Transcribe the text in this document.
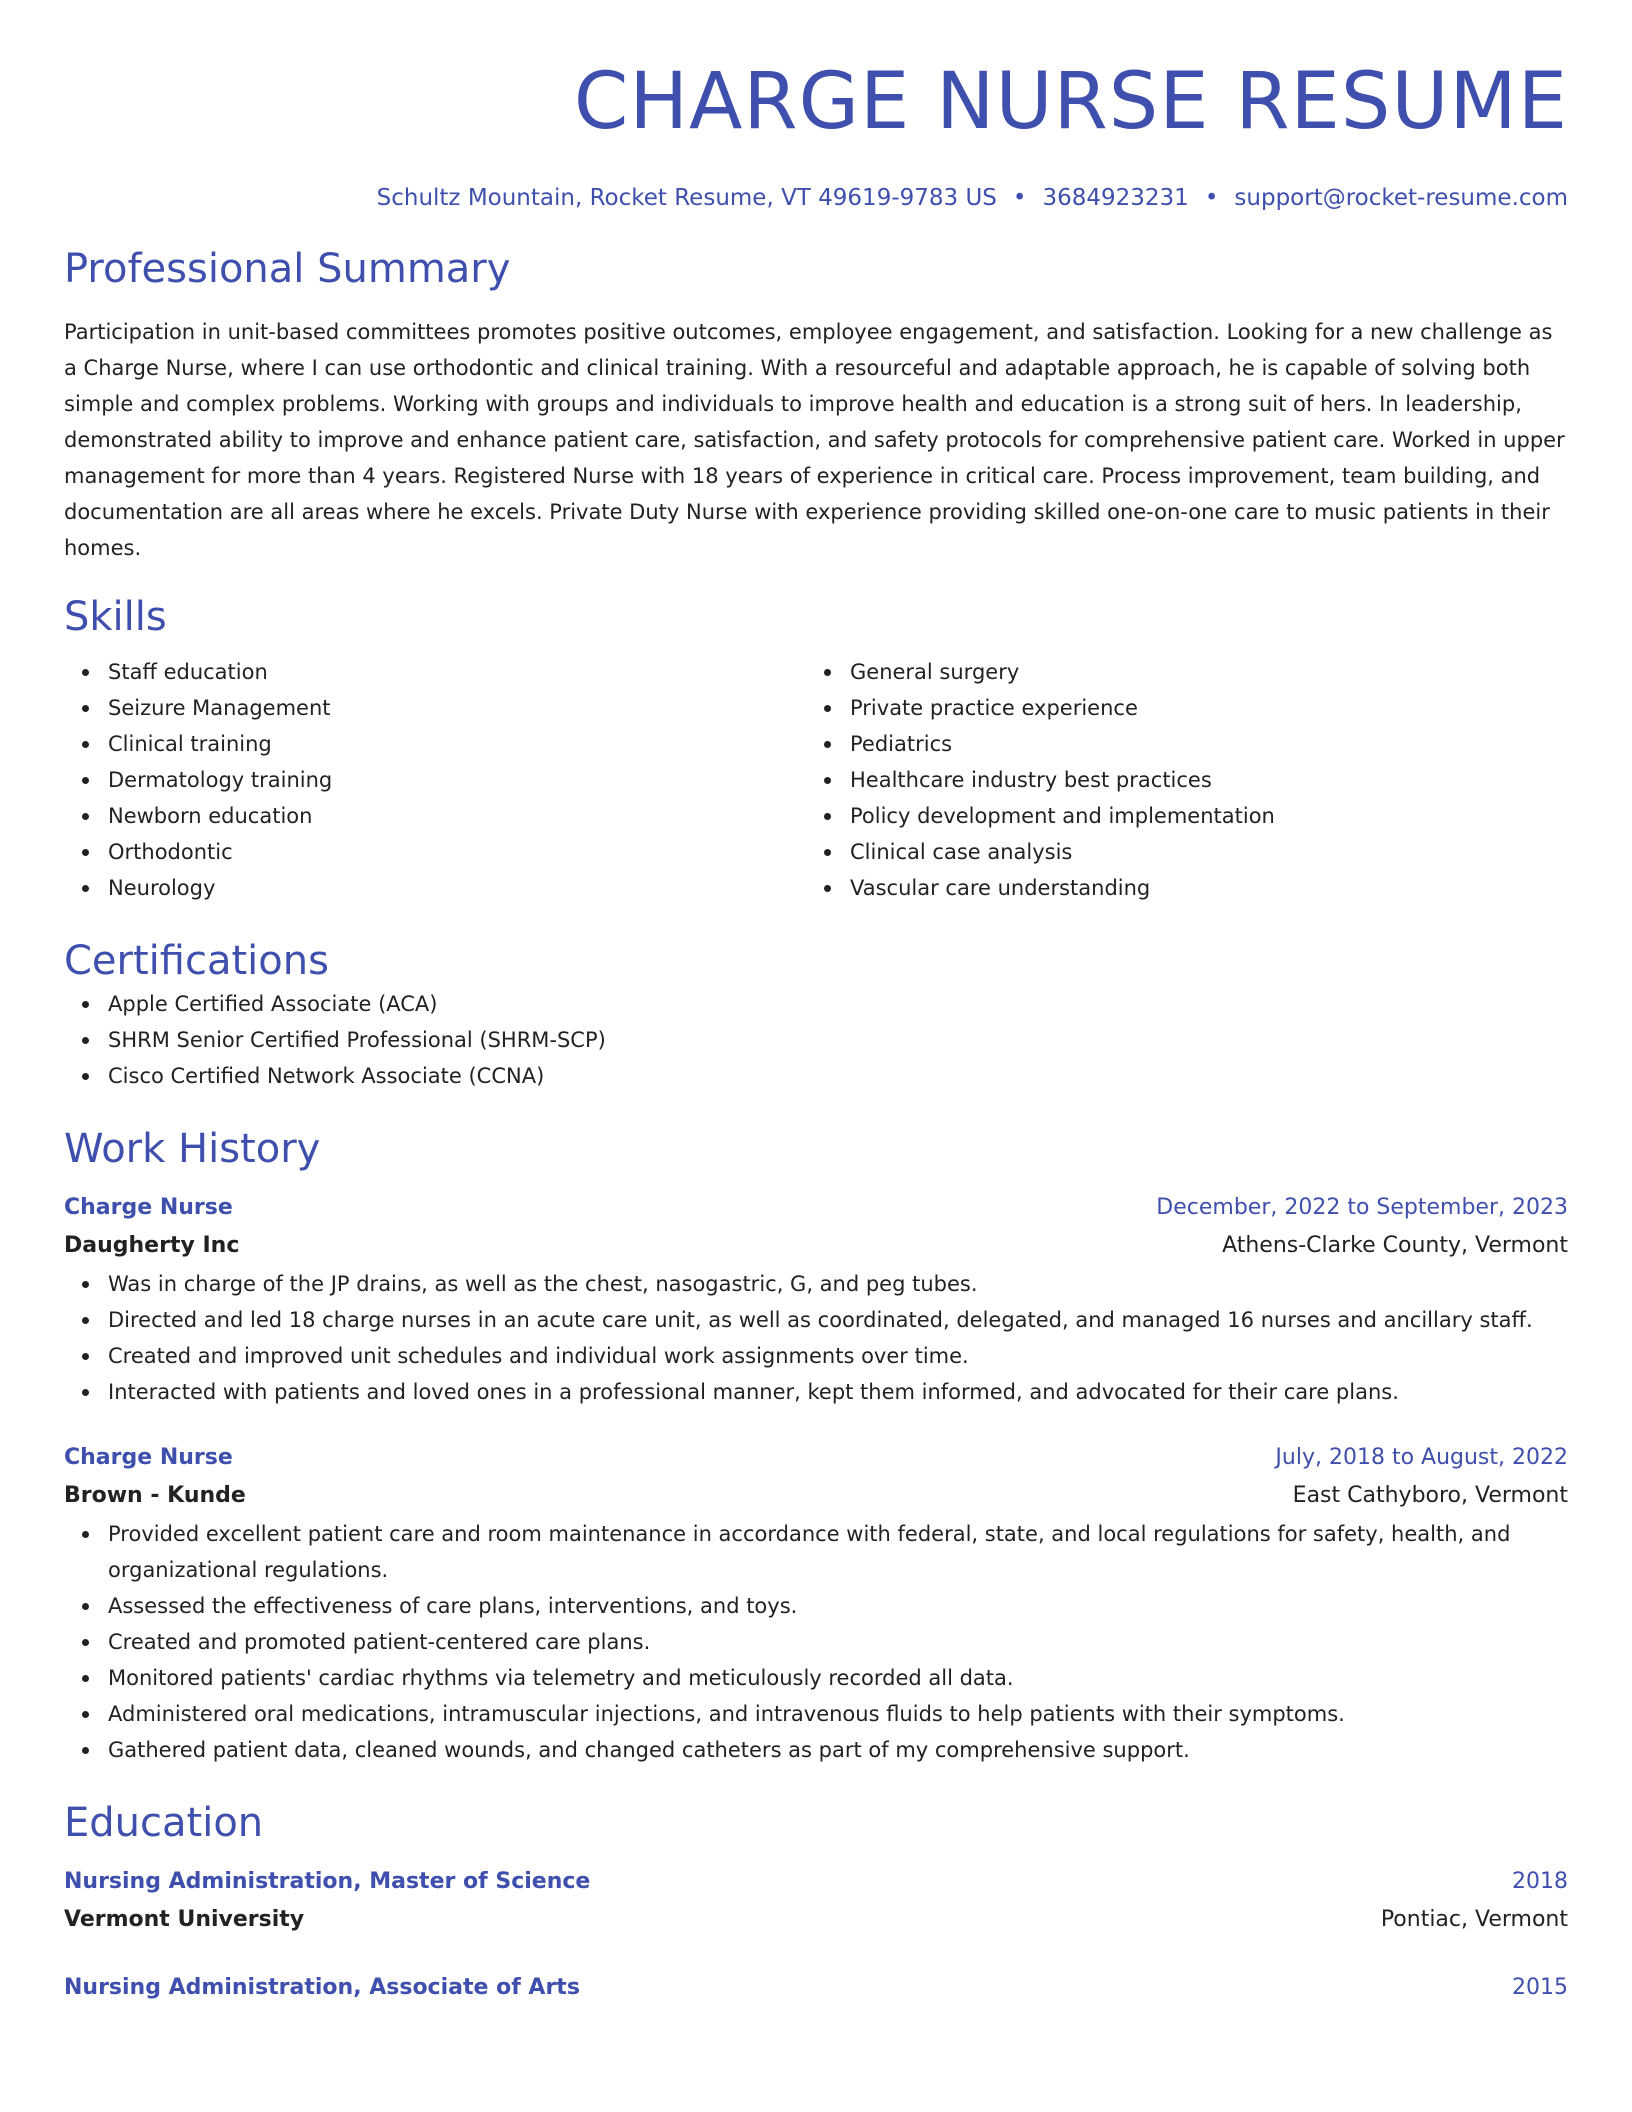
CHARGE NURSE RESUME
Schultz Mountain, Rocket Resume, VT 49619-9783 US • 3684923231 • support@rocket-resume.com
Professional Summary
Participation in unit-based committees promotes positive outcomes, employee engagement, and satisfaction. Looking for a new challenge as a Charge Nurse, where I can use orthodontic and clinical training. With a resourceful and adaptable approach, he is capable of solving both simple and complex problems. Working with groups and individuals to improve health and education is a strong suit of hers. In leadership, demonstrated ability to improve and enhance patient care, satisfaction, and safety protocols for comprehensive patient care. Worked in upper management for more than 4 years. Registered Nurse with 18 years of experience in critical care. Process improvement, team building, and documentation are all areas where he excels. Private Duty Nurse with experience providing skilled one-on-one care to music patients in their homes.
Skills
Staff education
Seizure Management
Clinical training
Dermatology training
Newborn education
Orthodontic
Neurology
General surgery
Private practice experience
Pediatrics
Healthcare industry best practices
Policy development and implementation
Clinical case analysis
Vascular care understanding
Certifications
Apple Certified Associate (ACA)
SHRM Senior Certified Professional (SHRM-SCP)
Cisco Certified Network Associate (CCNA)
Work History
Charge Nurse	December, 2022 to September, 2023
Daugherty Inc	Athens-Clarke County, Vermont
Was in charge of the JP drains, as well as the chest, nasogastric, G, and peg tubes.
Directed and led 18 charge nurses in an acute care unit, as well as coordinated, delegated, and managed 16 nurses and ancillary staff.
Created and improved unit schedules and individual work assignments over time.
Interacted with patients and loved ones in a professional manner, kept them informed, and advocated for their care plans.
Charge Nurse	July, 2018 to August, 2022
Brown - Kunde	East Cathyboro, Vermont
Provided excellent patient care and room maintenance in accordance with federal, state, and local regulations for safety, health, and organizational regulations.
Assessed the effectiveness of care plans, interventions, and toys.
Created and promoted patient-centered care plans.
Monitored patients' cardiac rhythms via telemetry and meticulously recorded all data.
Administered oral medications, intramuscular injections, and intravenous fluids to help patients with their symptoms.
Gathered patient data, cleaned wounds, and changed catheters as part of my comprehensive support.
Education
Nursing Administration, Master of Science	2018
Vermont University	Pontiac, Vermont
Nursing Administration, Associate of Arts	2015
